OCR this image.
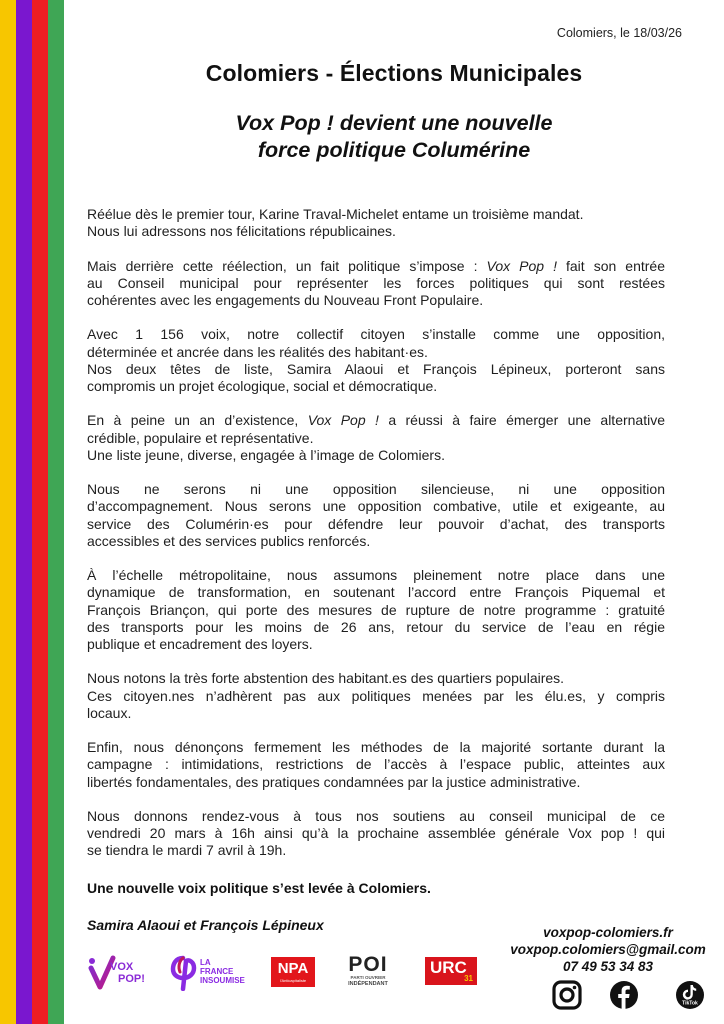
Colomiers, le 18/03/26
Colomiers - Élections Municipales
Vox Pop ! devient une nouvelle
force politique Columérine

Réélue dès le premier tour, Karine Traval-Michelet entame un troisième mandat.
Nous lui adressons nos félicitations républicaines.

Mais derrière cette réélection, un fait politique s’impose : Vox Pop ! fait son entrée
au Conseil municipal pour représenter les forces politiques qui sont restées
cohérentes avec les engagements du Nouveau Front Populaire.

Avec 1 156 voix, notre collectif citoyen s’installe comme une opposition,
déterminée et ancrée dans les réalités des habitant·es.
Nos deux têtes de liste, Samira Alaoui et François Lépineux, porteront sans
compromis un projet écologique, social et démocratique.

En à peine un an d’existence, Vox Pop ! a réussi à faire émerger une alternative
crédible, populaire et représentative.
Une liste jeune, diverse, engagée à l’image de Colomiers.

Nous ne serons ni une opposition silencieuse, ni une opposition
d’accompagnement. Nous serons une opposition combative, utile et exigeante, au
service des Columérin·es pour défendre leur pouvoir d’achat, des transports
accessibles et des services publics renforcés.

À l’échelle métropolitaine, nous assumons pleinement notre place dans une
dynamique de transformation, en soutenant l’accord entre François Piquemal et
François Briançon, qui porte des mesures de rupture de notre programme : gratuité
des transports pour les moins de 26 ans, retour du service de l’eau en régie
publique et encadrement des loyers.

Nous notons la très forte abstention des habitant.es des quartiers populaires.
Ces citoyen.nes n’adhèrent pas aux politiques menées par les élu.es, y compris
locaux.

Enfin, nous dénonçons fermement les méthodes de la majorité sortante durant la
campagne : intimidations, restrictions de l’accès à l’espace public, atteintes aux
libertés fondamentales, des pratiques condamnées par la justice administrative.

Nous donnons rendez-vous à tous nos soutiens au conseil municipal de ce
vendredi 20 mars à 16h ainsi qu’à la prochaine assemblée générale Vox pop ! qui
se tiendra le mardi 7 avril à 19h.

Une nouvelle voix politique s’est levée à Colomiers.
Samira Alaoui et François Lépineux	voxpop-colomiers.fr
voxpop.colomiers@gmail.com
07 49 53 34 83
TikTok
VOX
POP!
LA
FRANCE
INSOUMISE
NPA
l'Anticapitaliste
POI
PARTI OUVRIER
INDÉPENDANT
URC
31
